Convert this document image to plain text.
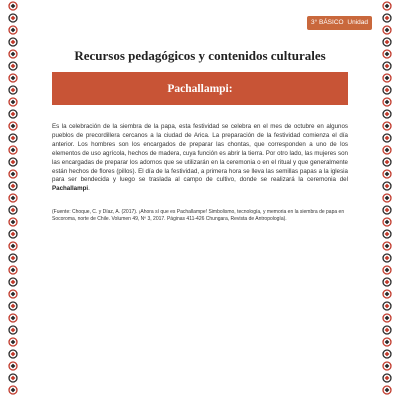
3° BÁSICO Unidad 4
Recursos pedagógicos y contenidos culturales
Pachallampi:

Es la celebración de la siembra de la papa, esta festividad se celebra en el mes de octubre en algunos pueblos de precordillera cercanos a la ciudad de Arica. La preparación de la festividad comienza el día anterior. Los hombres son los encargados de preparar las chontas, que corresponden a uno de los elementos de uso agrícola, hechos de madera, cuya función es abrir la tierra. Por otro lado, las mujeres son las encargadas de preparar los adornos que se utilizarán en la ceremonia o en el ritual y que generalmente están hechos de flores (pillos). El día de la festividad, a primera hora se lleva las semillas papas a la iglesia para ser bendecida y luego se traslada al campo de cultivo, donde se realizará la ceremonia del Pachallampi.

(Fuente: Choque, C. y Díaz, A. (2017). ¡Ahora sí que es Pachallampe! Simbolismo, tecnología, y memoria en la siembra de papa en Socoroma, norte de Chile. Volumen 49, Nº 3, 2017. Páginas 411-426 Chungara, Revista de Antropología).
